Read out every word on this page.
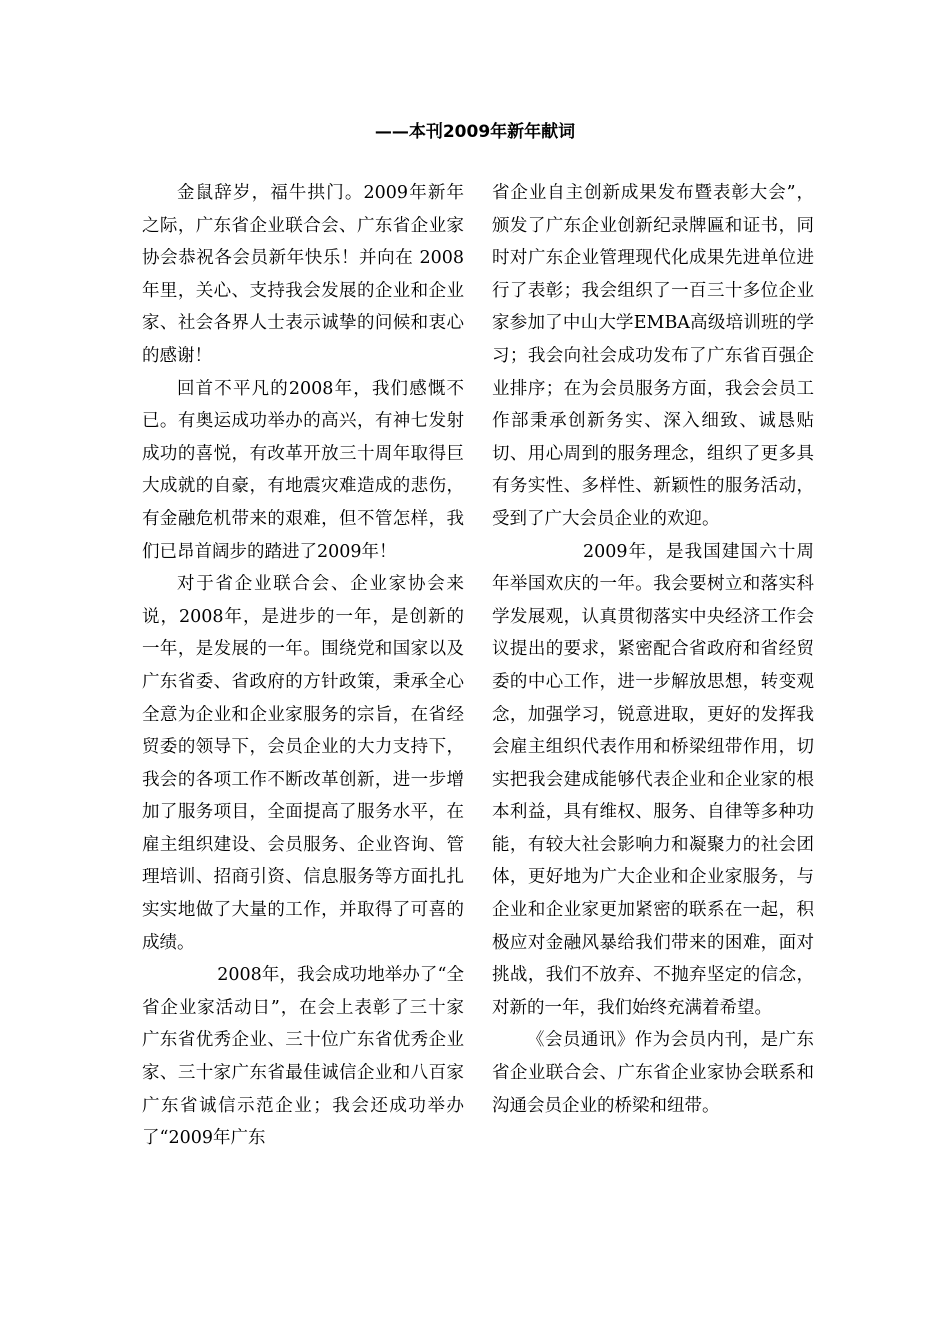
——本刊2009年新年献词

金鼠辞岁，福牛拱门。2009年新年之际，广东省企业联合会、广东省企业家协会恭祝各会员新年快乐！并向在 2008年里，关心、支持我会发展的企业和企业家、社会各界人士表示诚挚的问候和衷心的感谢！

回首不平凡的2008年，我们感慨不已。有奥运成功举办的高兴，有神七发射成功的喜悦，有改革开放三十周年取得巨大成就的自豪，有地震灾难造成的悲伤，有金融危机带来的艰难，但不管怎样，我们已昂首阔步的踏进了2009年！

对于省企业联合会、企业家协会来说，2008年，是进步的一年，是创新的一年，是发展的一年。围绕党和国家以及广东省委、省政府的方针政策，秉承全心全意为企业和企业家服务的宗旨，在省经贸委的领导下，会员企业的大力支持下，我会的各项工作不断改革创新，进一步增加了服务项目，全面提高了服务水平，在雇主组织建设、会员服务、企业咨询、管理培训、招商引资、信息服务等方面扎扎实实地做了大量的工作，并取得了可喜的成绩。

2008年，我会成功地举办了“全省企业家活动日”，在会上表彰了三十家广东省优秀企业、三十位广东省优秀企业家、三十家广东省最佳诚信企业和八百家广东省诚信示范企业；我会还成功举办了“2009年广东

省企业自主创新成果发布暨表彰大会”，颁发了广东企业创新纪录牌匾和证书，同时对广东企业管理现代化成果先进单位进行了表彰；我会组织了一百三十多位企业家参加了中山大学EMBA高级培训班的学习；我会向社会成功发布了广东省百强企业排序；在为会员服务方面，我会会员工作部秉承创新务实、深入细致、诚恳贴切、用心周到的服务理念，组织了更多具有务实性、多样性、新颖性的服务活动，受到了广大会员企业的欢迎。

2009年，是我国建国六十周年举国欢庆的一年。我会要树立和落实科学发展观，认真贯彻落实中央经济工作会议提出的要求，紧密配合省政府和省经贸委的中心工作，进一步解放思想，转变观念，加强学习，锐意进取，更好的发挥我会雇主组织代表作用和桥梁纽带作用，切实把我会建成能够代表企业和企业家的根本利益，具有维权、服务、自律等多种功能，有较大社会影响力和凝聚力的社会团体，更好地为广大企业和企业家服务，与企业和企业家更加紧密的联系在一起，积极应对金融风暴给我们带来的困难，面对挑战，我们不放弃、不抛弃坚定的信念，对新的一年，我们始终充满着希望。

《会员通讯》作为会员内刊，是广东省企业联合会、广东省企业家协会联系和沟通会员企业的桥梁和纽带。
